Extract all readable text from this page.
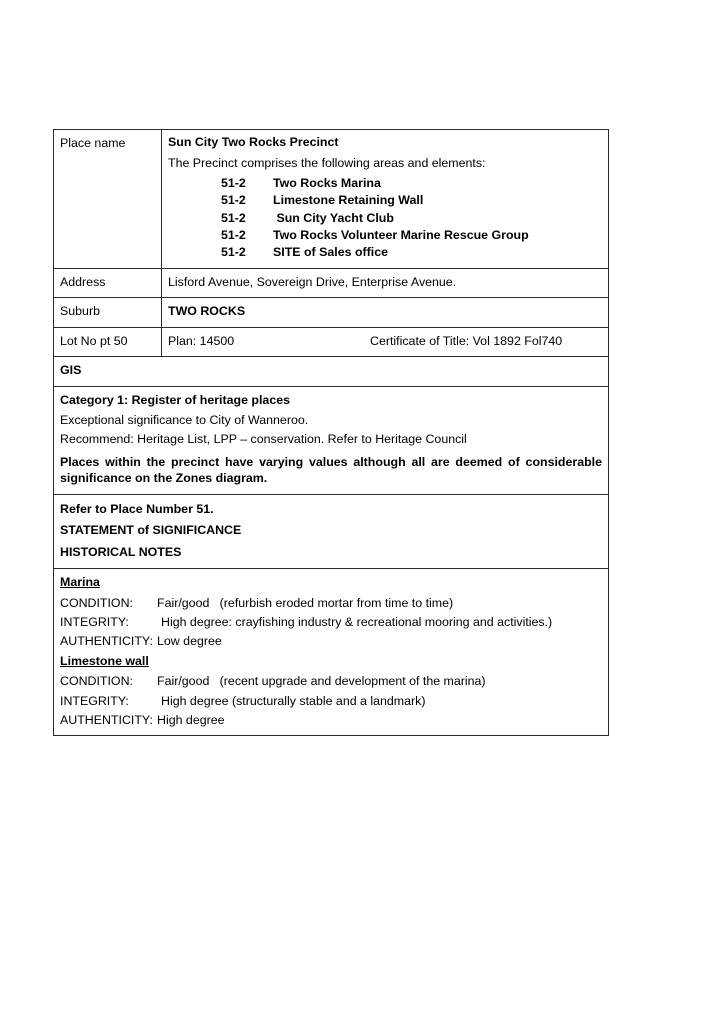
Place name	Sun City Two Rocks Precinct
The Precinct comprises the following areas and elements:
51-2 Two Rocks Marina
51-2 Limestone Retaining Wall
51-2 Sun City Yacht Club
51-2 Two Rocks Volunteer Marine Rescue Group
51-2 SITE of Sales office

Address	Lisford Avenue, Sovereign Drive, Enterprise Avenue.

Suburb	TWO ROCKS

Lot No pt 50	Plan: 14500 Certificate of Title: Vol 1892 Fol740

GIS	

Category 1: Register of heritage places
Exceptional significance to City of Wanneroo.
Recommend: Heritage List, LPP – conservation. Refer to Heritage Council
Places within the precinct have varying values although all are deemed of considerable significance on the Zones diagram.	

Refer to Place Number 51.
STATEMENT of SIGNIFICANCE
HISTORICAL NOTES	

Marina
CONDITION: Fair/good   (refurbish eroded mortar from time to time)
INTEGRITY:	High degree: crayfishing industry & recreational mooring and activities.)
AUTHENTICITY: Low degree
Limestone wall
CONDITION: Fair/good   (recent upgrade and development of the marina)
INTEGRITY:	High degree (structurally stable and a landmark)
AUTHENTICITY: High degree
